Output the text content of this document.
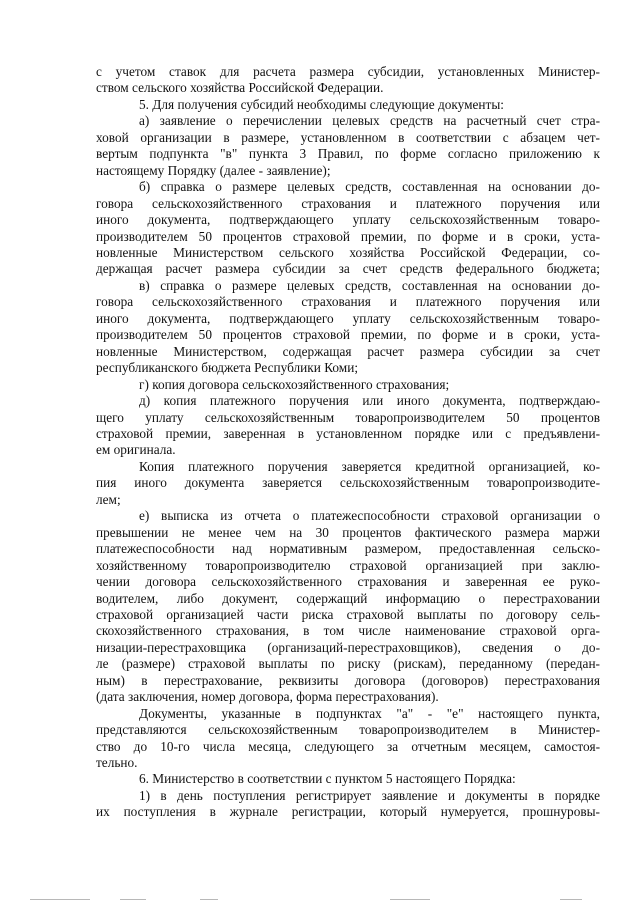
с учетом ставок для расчета размера субсидии, установленных Министер-

ством сельского хозяйства Российской Федерации.

5. Для получения субсидий необходимы следующие документы:

а) заявление о перечислении целевых средств на расчетный счет стра-

ховой организации в размере, установленном в соответствии с абзацем чет-

вертым подпункта "в" пункта 3 Правил, по форме согласно приложению к

настоящему Порядку (далее - заявление);

б) справка о размере целевых средств, составленная на основании до-

говора сельскохозяйственного страхования и платежного поручения или

иного документа, подтверждающего уплату сельскохозяйственным товаро-

производителем 50 процентов страховой премии, по форме и в сроки, уста-

новленные Министерством сельского хозяйства Российской Федерации, со-

держащая расчет размера субсидии за счет средств федерального бюджета;

в) справка о размере целевых средств, составленная на основании до-

говора сельскохозяйственного страхования и платежного поручения или

иного документа, подтверждающего уплату сельскохозяйственным товаро-

производителем 50 процентов страховой премии, по форме и в сроки, уста-

новленные Министерством, содержащая расчет размера субсидии за счет

республиканского бюджета Республики Коми;

г) копия договора сельскохозяйственного страхования;

д) копия платежного поручения или иного документа, подтверждаю-

щего уплату сельскохозяйственным товаропроизводителем 50 процентов

страховой премии, заверенная в установленном порядке или с предъявлени-

ем оригинала.

Копия платежного поручения заверяется кредитной организацией, ко-

пия иного документа заверяется сельскохозяйственным товаропроизводите-

лем;

е) выписка из отчета о платежеспособности страховой организации о

превышении не менее чем на 30 процентов фактического размера маржи

платежеспособности над нормативным размером, предоставленная сельско-

хозяйственному товаропроизводителю страховой организацией при заклю-

чении договора сельскохозяйственного страхования и заверенная ее руко-

водителем, либо документ, содержащий информацию о перестраховании

страховой организацией части риска страховой выплаты по договору сель-

скохозяйственного страхования, в том числе наименование страховой орга-

низации-перестраховщика (организаций-перестраховщиков), сведения о до-

ле (размере) страховой выплаты по риску (рискам), переданному (передан-

ным) в перестрахование, реквизиты договора (договоров) перестрахования

(дата заключения, номер договора, форма перестрахования).

Документы, указанные в подпунктах "а" - "е" настоящего пункта,

представляются сельскохозяйственным товаропроизводителем в Министер-

ство до 10-го числа месяца, следующего за отчетным месяцем, самостоя-

тельно.

6. Министерство в соответствии с пунктом 5 настоящего Порядка:

1) в день поступления регистрирует заявление и документы в порядке

их поступления в журнале регистрации, который нумеруется, прошнуровы-
